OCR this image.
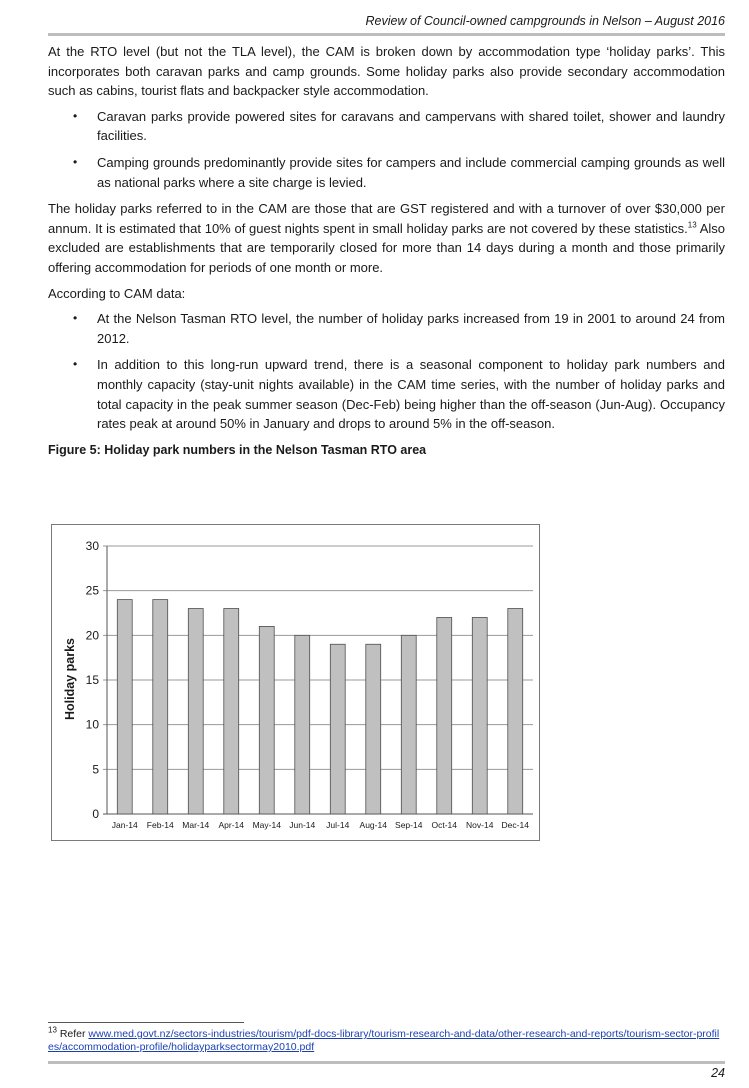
Review of Council-owned campgrounds in Nelson – August 2016

At the RTO level (but not the TLA level), the CAM is broken down by accommodation type ‘holiday parks’. This incorporates both caravan parks and camp grounds. Some holiday parks also provide secondary accommodation such as cabins, tourist flats and backpacker style accommodation.

• Caravan parks provide powered sites for caravans and campervans with shared toilet, shower and laundry facilities.
• Camping grounds predominantly provide sites for campers and include commercial camping grounds as well as national parks where a site charge is levied.

The holiday parks referred to in the CAM are those that are GST registered and with a turnover of over $30,000 per annum. It is estimated that 10% of guest nights spent in small holiday parks are not covered by these statistics.$^{13}$ Also excluded are establishments that are temporarily closed for more than 14 days during a month and those primarily offering accommodation for periods of one month or more.

According to CAM data:

• At the Nelson Tasman RTO level, the number of holiday parks increased from 19 in 2001 to around 24 from 2012.
• In addition to this long-run upward trend, there is a seasonal component to holiday park numbers and monthly capacity (stay-unit nights available) in the CAM time series, with the number of holiday parks and total capacity in the peak summer season (Dec-Feb) being higher than the off-season (Jun-Aug). Occupancy rates peak at around 50% in January and drops to around 5% in the off-season.
Figure 5: Holiday park numbers in the Nelson Tasman RTO area
0
5
10
15
20
25
30
Jan-14 Feb-14 Mar-14 Apr-14 May-14 Jun-14 Jul-14 Aug-14 Sep-14 Oct-14 Nov-14 Dec-14
Holiday parks
$^{13}$ Refer www.med.govt.nz/sectors-industries/tourism/pdf-docs-library/tourism-research-and-data/other-research-and-reports/tourism-sector-profiles/accommodation-profile/holidayparksectormay2010.pdf
24
